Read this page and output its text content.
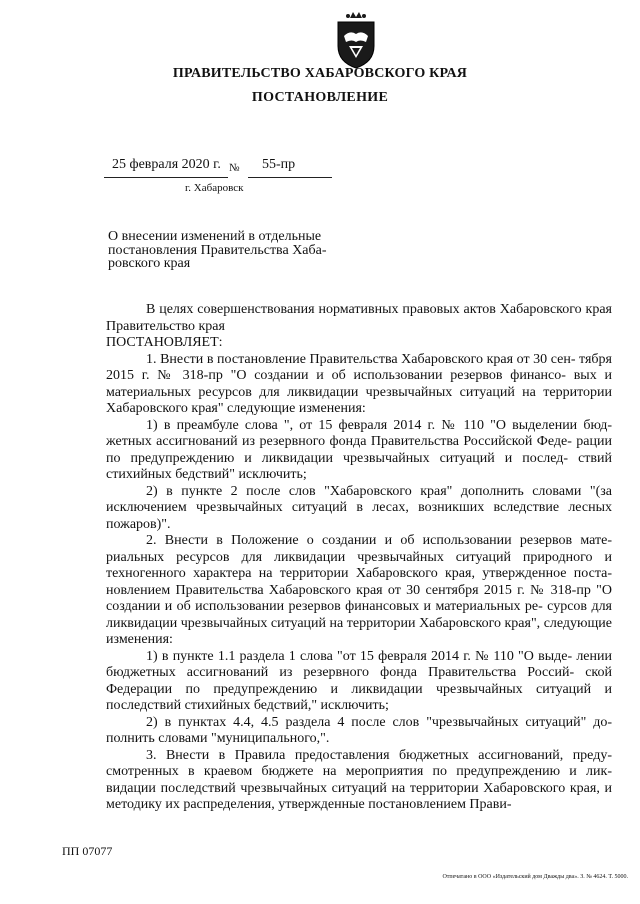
ПРАВИТЕЛЬСТВО ХАБАРОВСКОГО КРАЯ
ПОСТАНОВЛЕНИЕ
25 февраля 2020 г. № 55-пр
г. Хабаровск
О внесении изменений в отдельные постановления Правительства Хаба- ровского края

В целях совершенствования нормативных правовых актов Хабаровского края Правительство края

ПОСТАНОВЛЯЕТ:

1. Внести в постановление Правительства Хабаровского края от 30 сен- тября 2015 г. № 318-пр "О создании и об использовании резервов финансо- вых и материальных ресурсов для ликвидации чрезвычайных ситуаций на территории Хабаровского края" следующие изменения:

1) в преамбуле слова ", от 15 февраля 2014 г. № 110 "О выделении бюд- жетных ассигнований из резервного фонда Правительства Российской Феде- рации по предупреждению и ликвидации чрезвычайных ситуаций и послед- ствий стихийных бедствий" исключить;

2) в пункте 2 после слов "Хабаровского края" дополнить словами "(за исключением чрезвычайных ситуаций в лесах, возникших вследствие лесных пожаров)".

2. Внести в Положение о создании и об использовании резервов мате- риальных ресурсов для ликвидации чрезвычайных ситуаций природного и техногенного характера на территории Хабаровского края, утвержденное поста- новлением Правительства Хабаровского края от 30 сентября 2015 г. № 318-пр "О создании и об использовании резервов финансовых и материальных ре- сурсов для ликвидации чрезвычайных ситуаций на территории Хабаровского края", следующие изменения:

1) в пункте 1.1 раздела 1 слова "от 15 февраля 2014 г. № 110 "О выде- лении бюджетных ассигнований из резервного фонда Правительства Россий- ской Федерации по предупреждению и ликвидации чрезвычайных ситуаций и последствий стихийных бедствий," исключить;

2) в пунктах 4.4, 4.5 раздела 4 после слов "чрезвычайных ситуаций" до- полнить словами "муниципального,".

3. Внести в Правила предоставления бюджетных ассигнований, преду- смотренных в краевом бюджете на мероприятия по предупреждению и лик- видации последствий чрезвычайных ситуаций на территории Хабаровского края, и методику их распределения, утвержденные постановлением Прави-

ПП 07077
Отпечатано в ООО «Издательский дом Дважды два». З. № 4624. Т. 5000.
